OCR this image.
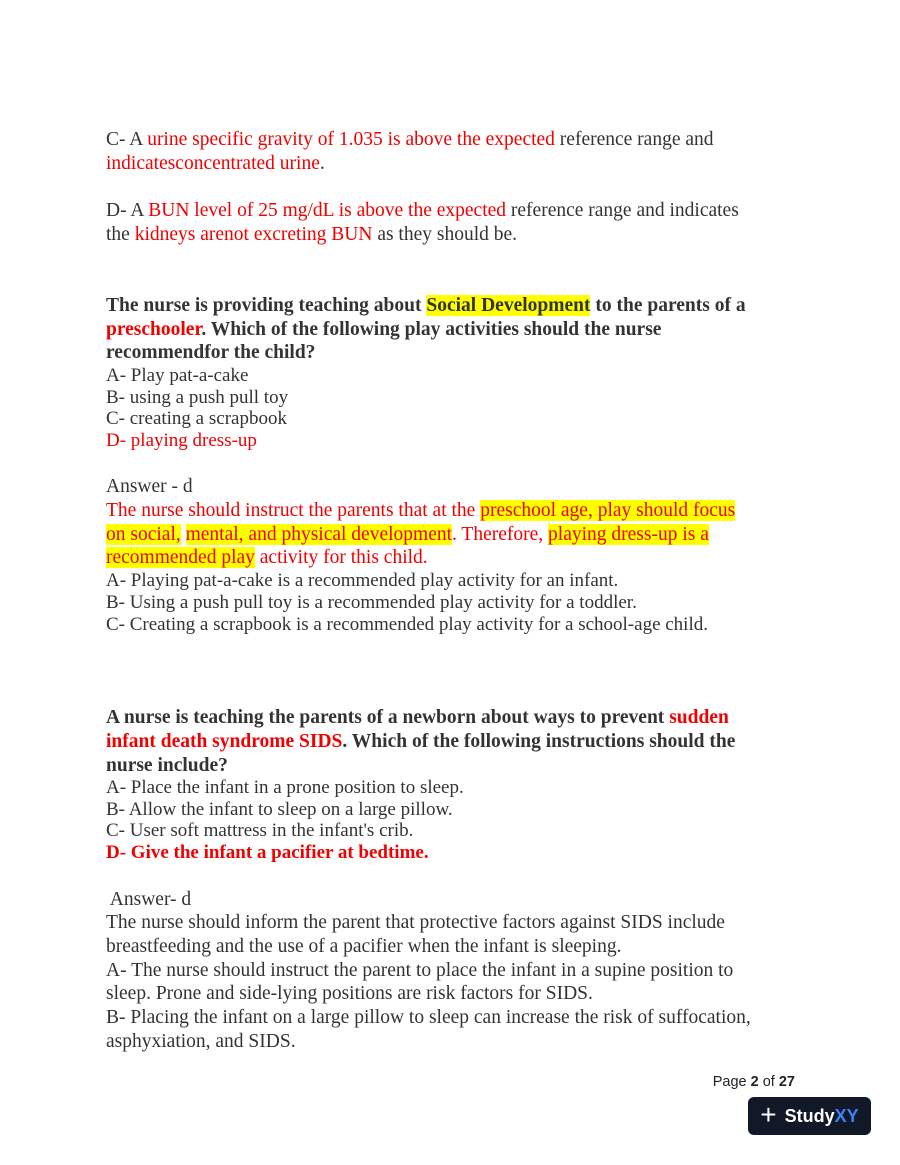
C- A urine specific gravity of 1.035 is above the expected reference range and
indicatesconcentrated urine.

D- A BUN level of 25 mg/dL is above the expected reference range and indicates
the kidneys arenot excreting BUN as they should be.

The nurse is providing teaching about Social Development to the parents of a
preschooler. Which of the following play activities should the nurse
recommendfor the child?

A- Play pat-a-cake

B- using a push pull toy

C- creating a scrapbook

D- playing dress-up

Answer - d

The nurse should instruct the parents that at the preschool age, play should focus
on social, mental, and physical development. Therefore, playing dress-up is a
recommended play activity for this child.

A- Playing pat-a-cake is a recommended play activity for an infant.

B- Using a push pull toy is a recommended play activity for a toddler.

C- Creating a scrapbook is a recommended play activity for a school-age child.

A nurse is teaching the parents of a newborn about ways to prevent sudden
infant death syndrome SIDS. Which of the following instructions should the
nurse include?

A- Place the infant in a prone position to sleep.

B- Allow the infant to sleep on a large pillow.

C- User soft mattress in the infant's crib.

D- Give the infant a pacifier at bedtime.

Answer- d

The nurse should inform the parent that protective factors against SIDS include
breastfeeding and the use of a pacifier when the infant is sleeping.

A- The nurse should instruct the parent to place the infant in a supine position to
sleep. Prone and side-lying positions are risk factors for SIDS.

B- Placing the infant on a large pillow to sleep can increase the risk of suffocation,
asphyxiation, and SIDS.

Page 2 of 27
+ StudyXY
